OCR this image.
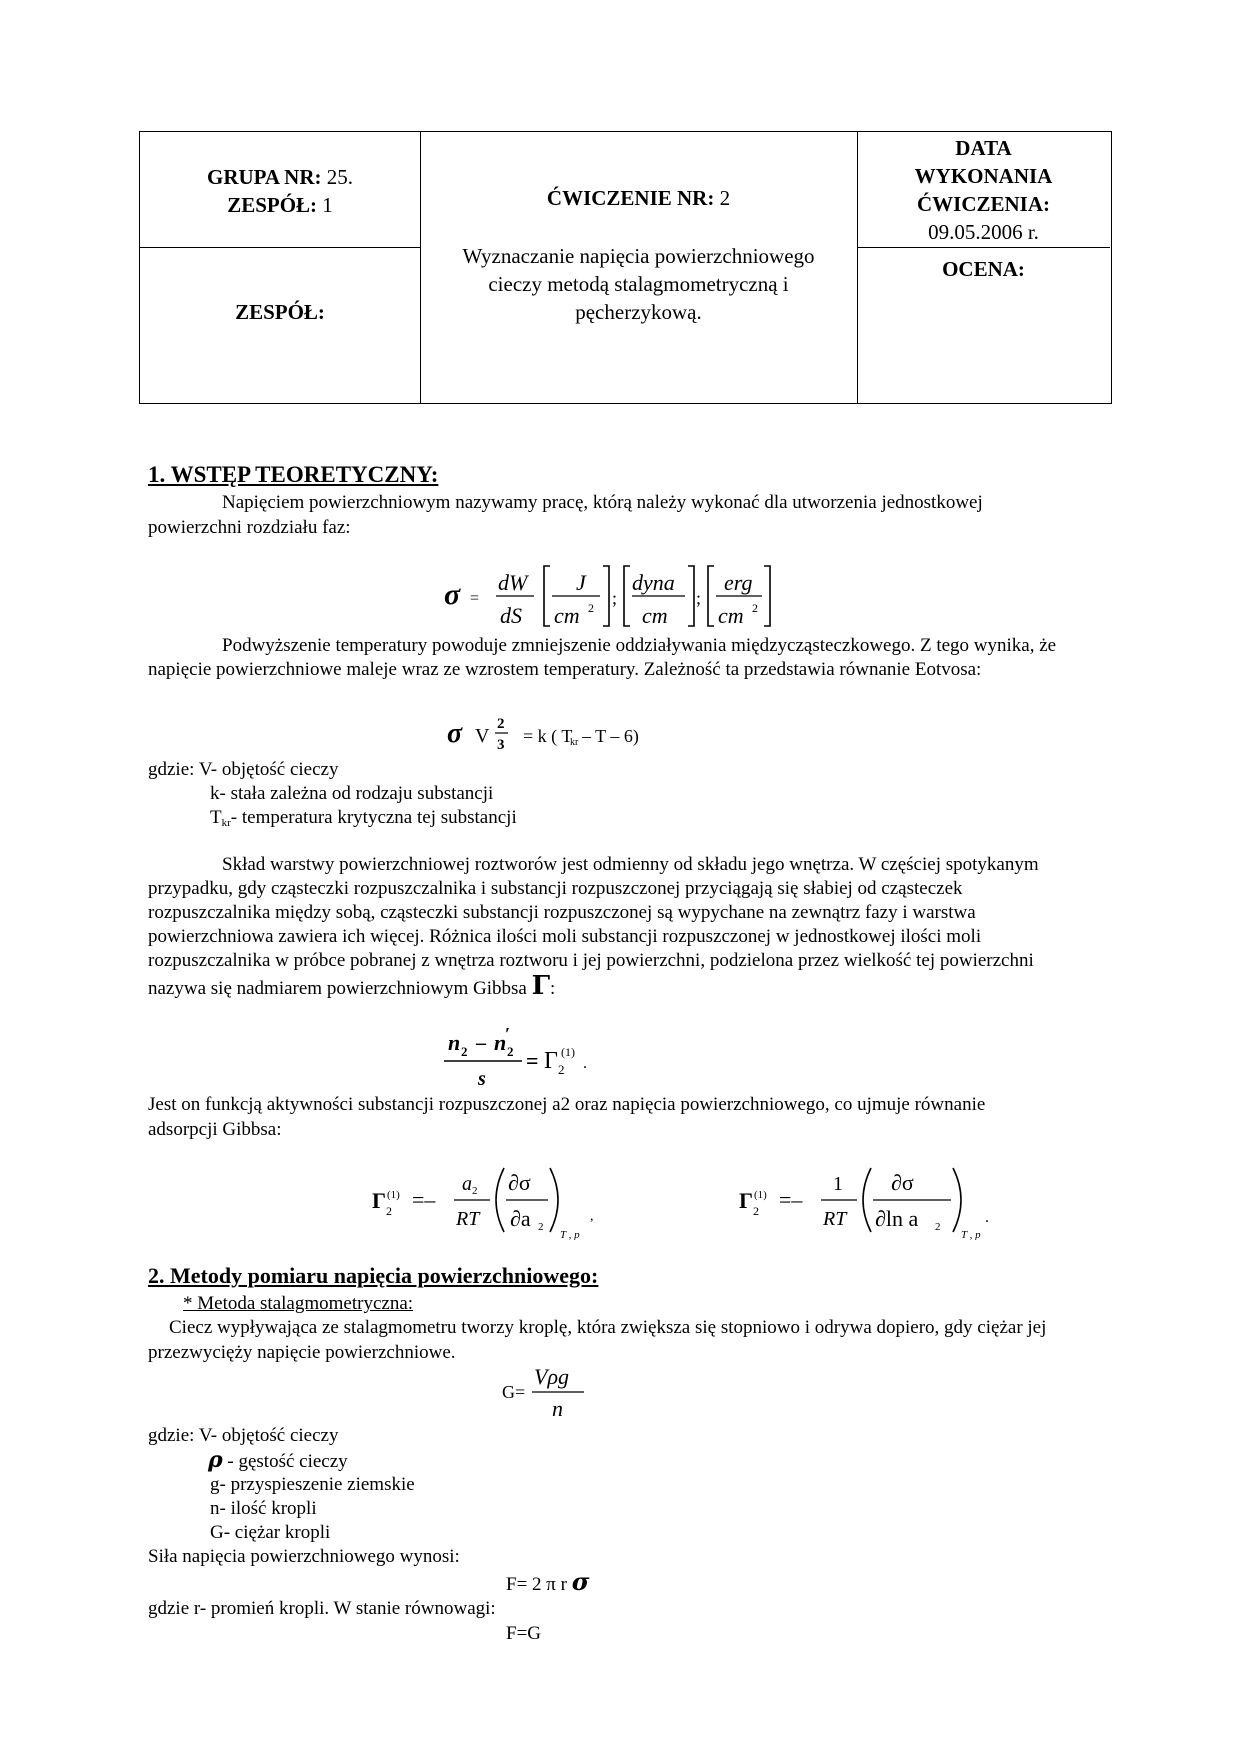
GRUPA NR: 25.
ZESPÓŁ: 1
ZESPÓŁ:
ĆWICZENIE NR: 2
Wyznaczanie napięcia powierzchniowego
cieczy metodą stalagmometryczną i
pęcherzykową.
DATA
WYKONANIA
ĆWICZENIA:
09.05.2006 r.
OCENA:
1. WSTĘP TEORETYCZNY:
Napięciem powierzchniowym nazywamy pracę, którą należy wykonać dla utworzenia jednostkowej
powierzchni rozdziału faz:
σ =
dW
dS
J
cm 2 ;
dyna
cm
;
erg
cm 2
Podwyższenie temperatury powoduje zmniejszenie oddziaływania międzycząsteczkowego. Z tego wynika, że
napięcie powierzchniowe maleje wraz ze wzrostem temperatury. Zależność ta przedstawia równanie Eotvosa:
σ V
2
3 = k ( T
kr – T – 6)
gdzie: V- objętość cieczy
k- stała zależna od rodzaju substancji
$T_{kr}-$ temperatura krytyczna tej substancji
Skład warstwy powierzchniowej roztworów jest odmienny od składu jego wnętrza. W częściej spotykanym
przypadku, gdy cząsteczki rozpuszczalnika i substancji rozpuszczonej przyciągają się słabiej od cząsteczek
rozpuszczalnika między sobą, cząsteczki substancji rozpuszczonej są wypychane na zewnątrz fazy i warstwa
powierzchniowa zawiera ich więcej. Różnica ilości moli substancji rozpuszczonej w jednostkowej ilości moli
rozpuszczalnika w próbce pobranej z wnętrza roztworu i jej powierzchni, podzielona przez wielkość tej powierzchni
nazywa się nadmiarem powierzchniowym Gibbsa Γ:
n 2 – n
′
2
s
= Γ (1)
2 .
Jest on funkcją aktywności substancji rozpuszczonej a2 oraz napięcia powierzchniowego, co ujmuje równanie
adsorpcji Gibbsa:
Γ (1)
2 =–
a 2
RT
∂σ
∂a 2
T , p
,
Γ (1)
2 =–
1
RT
∂σ
∂ln a 2
T , p
.
2. Metody pomiaru napięcia powierzchniowego:
* Metoda stalagmometryczna:
Ciecz wypływająca ze stalagmometru tworzy kroplę, która zwiększa się stopniowo i odrywa dopiero, gdy ciężar jej
przezwycięży napięcie powierzchniowe.
G=
Vρg
n
gdzie: V- objętość cieczy
ρ - gęstość cieczy
g- przyspieszenie ziemskie
n- ilość kropli
G- ciężar kropli
Siła napięcia powierzchniowego wynosi:
F= 2 π r σ
gdzie r- promień kropli. W stanie równowagi:
F=G
